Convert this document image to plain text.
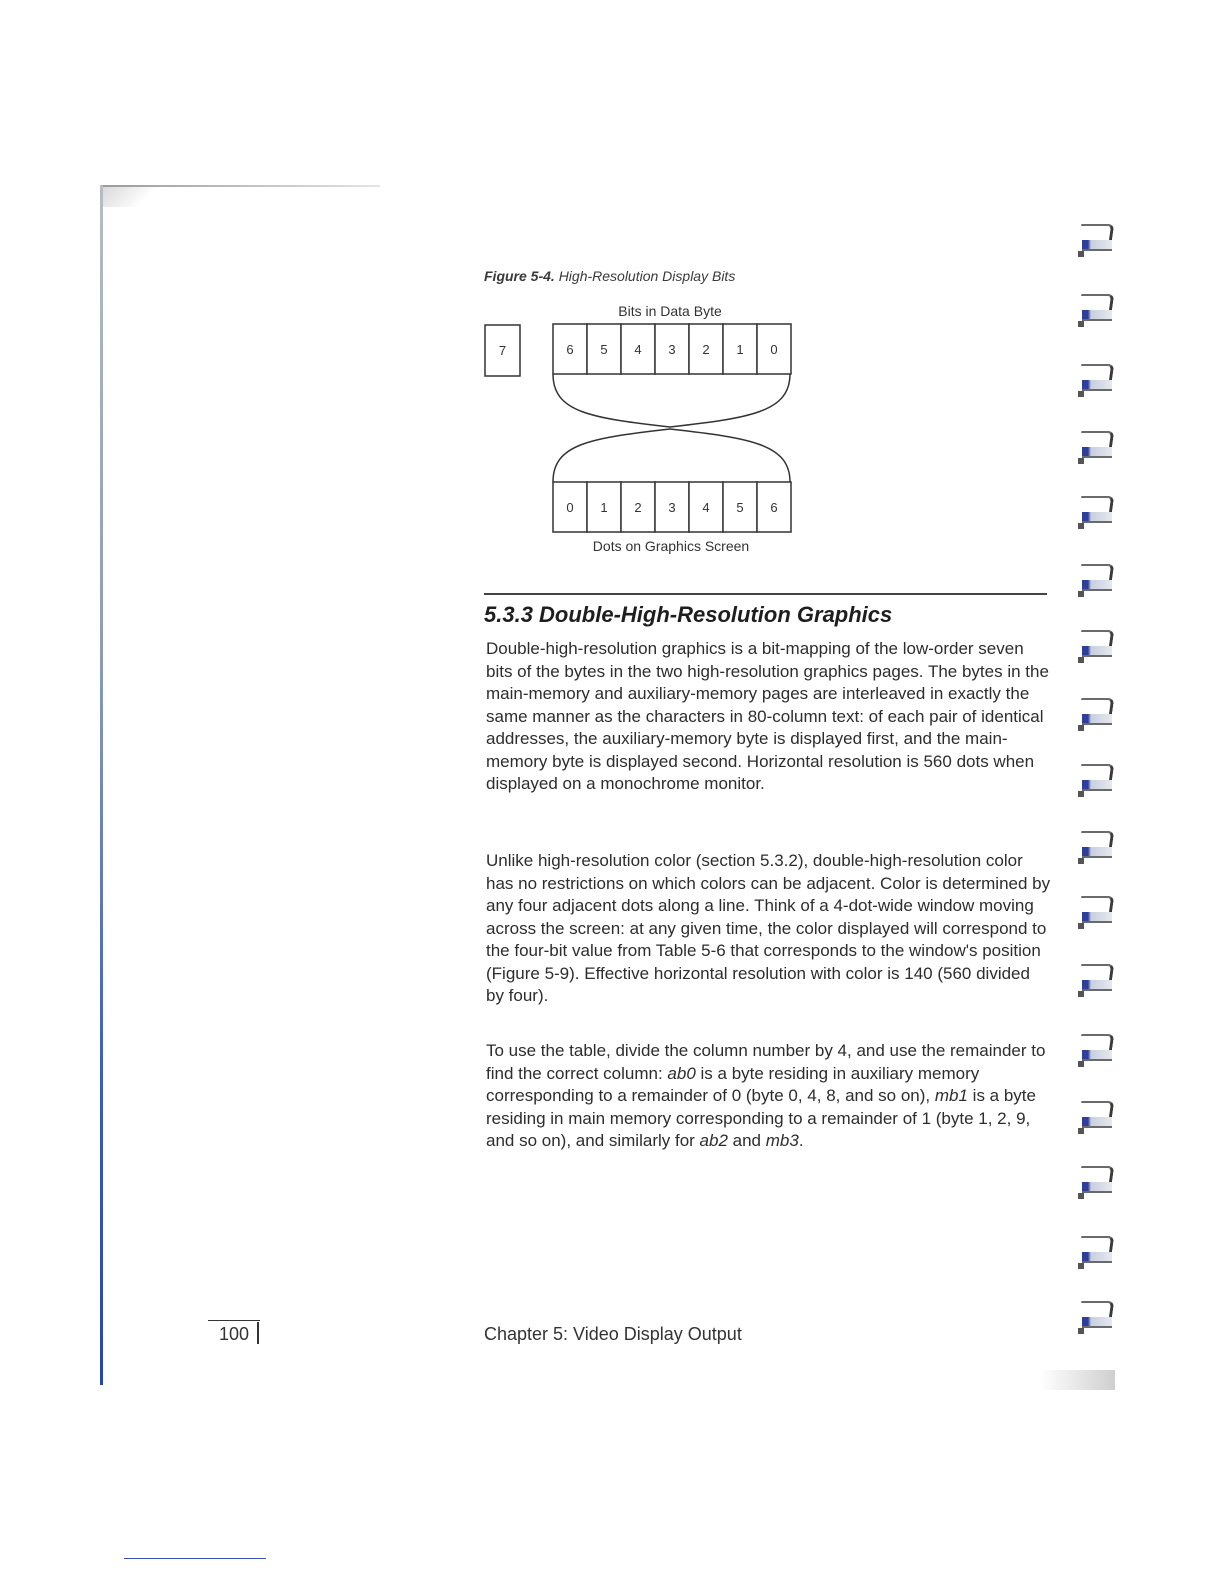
Figure 5-4. High-Resolution Display Bits
Bits in Data Byte
7	6 5 4 3 2 1 0
0 1 2 3 4 5 6
Dots on Graphics Screen
5.3.3 Double-High-Resolution Graphics

Double-high-resolution graphics is a bit-mapping of the low-order seven bits of the bytes in the two high-resolution graphics pages. The bytes in the main-memory and auxiliary-memory pages are interleaved in exactly the same manner as the characters in 80-column text: of each pair of identical addresses, the auxiliary-memory byte is displayed first, and the main-memory byte is displayed second. Horizontal resolution is 560 dots when displayed on a monochrome monitor.

Unlike high-resolution color (section 5.3.2), double-high-resolution color has no restrictions on which colors can be adjacent. Color is determined by any four adjacent dots along a line. Think of a 4-dot-wide window moving across the screen: at any given time, the color displayed will correspond to the four-bit value from Table 5-6 that corresponds to the window's position (Figure 5-9). Effective horizontal resolution with color is 140 (560 divided by four).

To use the table, divide the column number by 4, and use the remainder to find the correct column: ab0 is a byte residing in auxiliary memory corresponding to a remainder of 0 (byte 0, 4, 8, and so on), mb1 is a byte residing in main memory corresponding to a remainder of 1 (byte 1, 2, 9, and so on), and similarly for ab2 and mb3.

100	Chapter 5: Video Display Output
